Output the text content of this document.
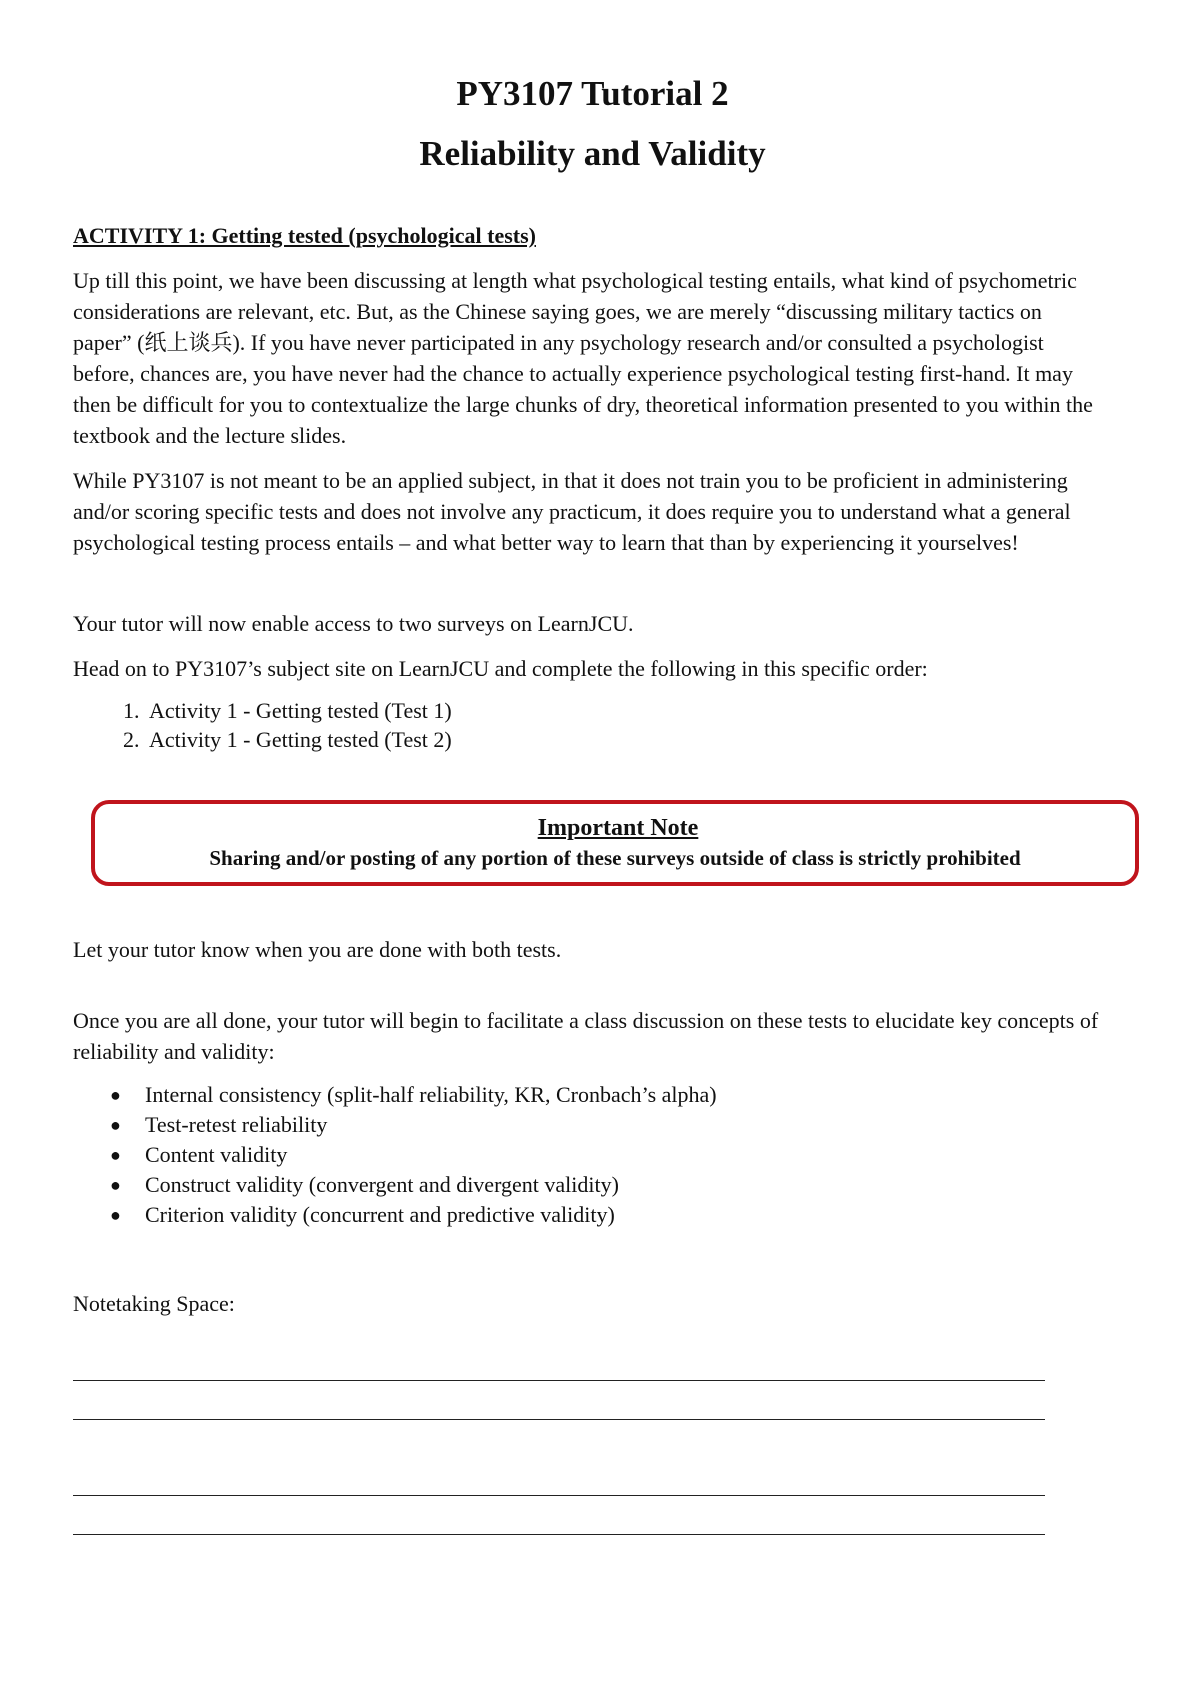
PY3107 Tutorial 2
Reliability and Validity
ACTIVITY 1: Getting tested (psychological tests)

Up till this point, we have been discussing at length what psychological testing entails, what kind of psychometric considerations are relevant, etc. But, as the Chinese saying goes, we are merely “discussing military tactics on paper” (纸上谈兵). If you have never participated in any psychology research and/or consulted a psychologist before, chances are, you have never had the chance to actually experience psychological testing first-hand. It may then be difficult for you to contextualize the large chunks of dry, theoretical information presented to you within the textbook and the lecture slides.

While PY3107 is not meant to be an applied subject, in that it does not train you to be proficient in administering and/or scoring specific tests and does not involve any practicum, it does require you to understand what a general psychological testing process entails – and what better way to learn that than by experiencing it yourselves!

Your tutor will now enable access to two surveys on LearnJCU.

Head on to PY3107’s subject site on LearnJCU and complete the following in this specific order:

1. Activity 1 - Getting tested (Test 1)
2. Activity 1 - Getting tested (Test 2)
Important Note
Sharing and/or posting of any portion of these surveys outside of class is strictly prohibited

Let your tutor know when you are done with both tests.

Once you are all done, your tutor will begin to facilitate a class discussion on these tests to elucidate key concepts of reliability and validity:

● Internal consistency (split-half reliability, KR, Cronbach’s alpha)
● Test-retest reliability
● Content validity
● Construct validity (convergent and divergent validity)
● Criterion validity (concurrent and predictive validity)

Notetaking Space:
